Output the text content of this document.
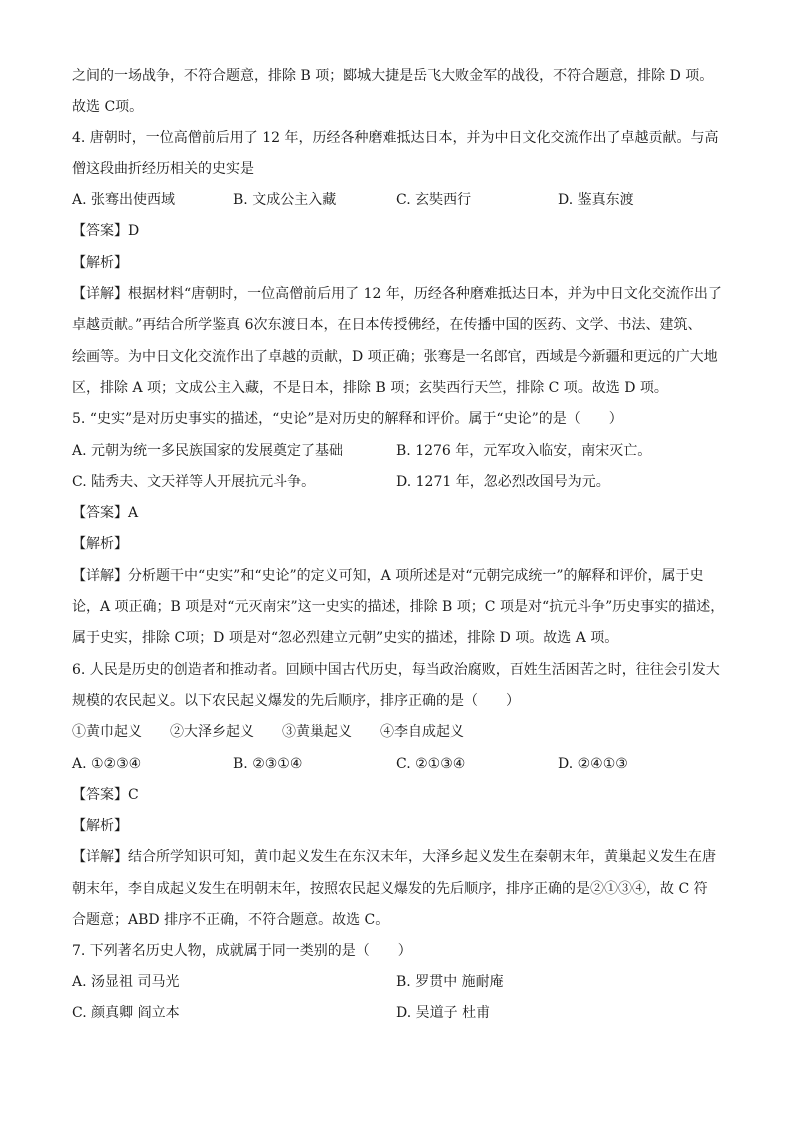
之间的一场战争，不符合题意，排除 B 项；郾城大捷是岳飞大败金军的战役，不符合题意，排除 D 项。
故选 C项。
4. 唐朝时，一位高僧前后用了 12 年，历经各种磨难抵达日本，并为中日文化交流作出了卓越贡献。与高
僧这段曲折经历相关的史实是
A. 张骞出使西域	B. 文成公主入藏	C. 玄奘西行	D. 鉴真东渡
【答案】D
【解析】
【详解】根据材料“唐朝时，一位高僧前后用了 12 年，历经各种磨难抵达日本，并为中日文化交流作出了
卓越贡献。”再结合所学鉴真 6次东渡日本，在日本传授佛经，在传播中国的医药、文学、书法、建筑、
绘画等。为中日文化交流作出了卓越的贡献，D 项正确；张骞是一名郎官，西域是今新疆和更远的广大地
区，排除 A 项；文成公主入藏，不是日本，排除 B 项；玄奘西行天竺，排除 C 项。故选 D 项。
5. “史实”是对历史事实的描述，“史论”是对历史的解释和评价。属于“史论”的是（　　）
A. 元朝为统一多民族国家的发展奠定了基础	B. 1276 年，元军攻入临安，南宋灭亡。
C. 陆秀夫、文天祥等人开展抗元斗争。	D. 1271 年，忽必烈改国号为元。
【答案】A
【解析】
【详解】分析题干中“史实”和“史论”的定义可知，A 项所述是对“元朝完成统一”的解释和评价，属于史
论，A 项正确；B 项是对“元灭南宋”这一史实的描述，排除 B 项；C 项是对“抗元斗争”历史事实的描述，
属于史实，排除 C项；D 项是对“忽必烈建立元朝”史实的描述，排除 D 项。故选 A 项。
6. 人民是历史的创造者和推动者。回顾中国古代历史，每当政治腐败，百姓生活困苦之时，往往会引发大
规模的农民起义。以下农民起义爆发的先后顺序，排序正确的是（　　）
①黄巾起义 ②大泽乡起义 ③黄巢起义 ④李自成起义
A. ①②③④	B. ②③①④	C. ②①③④	D. ②④①③
【答案】C
【解析】
【详解】结合所学知识可知，黄巾起义发生在东汉末年，大泽乡起义发生在秦朝末年，黄巢起义发生在唐
朝末年，李自成起义发生在明朝末年，按照农民起义爆发的先后顺序，排序正确的是②①③④，故 C 符
合题意；ABD 排序不正确，不符合题意。故选 C。
7. 下列著名历史人物，成就属于同一类别的是（　　）
A. 汤显祖 司马光	B. 罗贯中 施耐庵
C. 颜真卿 阎立本	D. 吴道子 杜甫
